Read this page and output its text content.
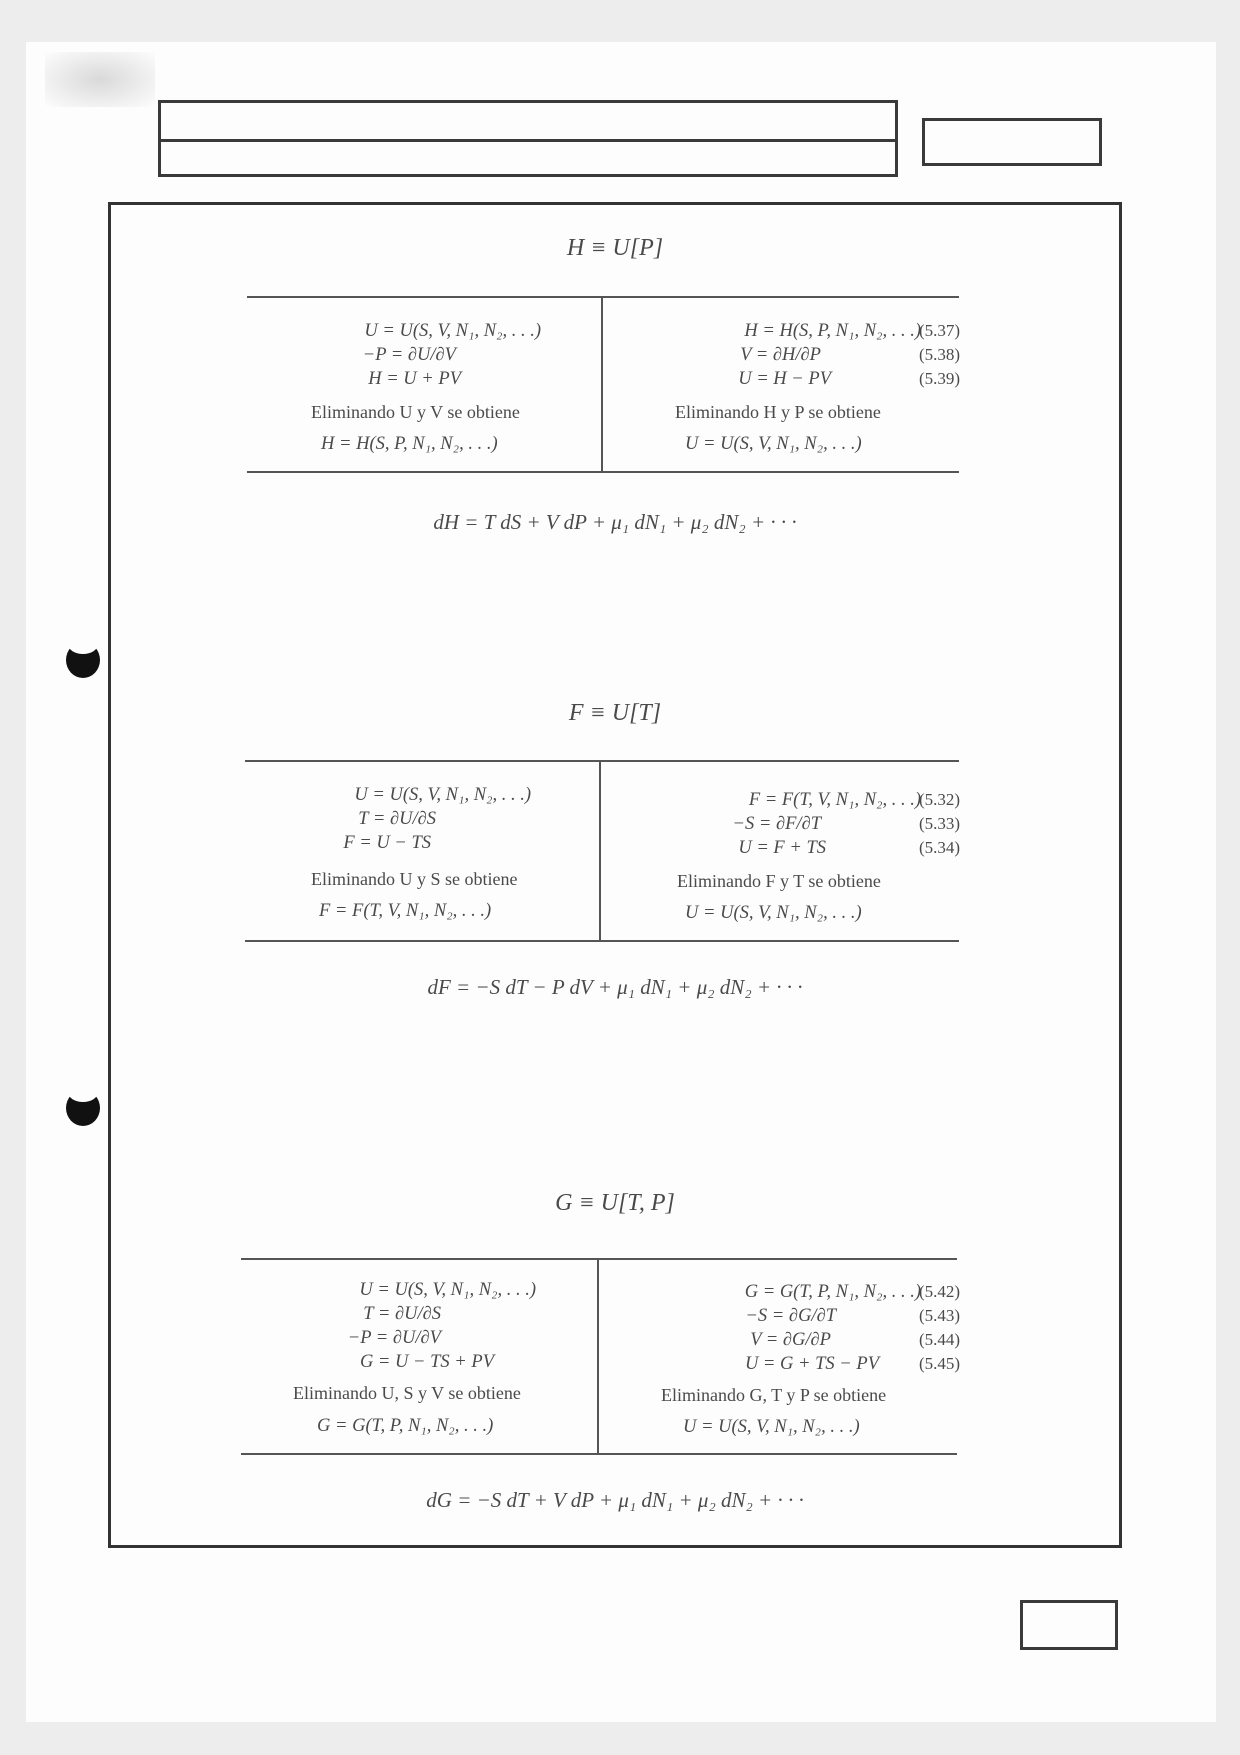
H ≡ U[P]
U = U(S, V, N₁, N₂, . . .)
−P = ∂U/∂V
H = U + PV
Eliminando U y V se obtiene
H = H(S, P, N₁, N₂, . . .)
H = H(S, P, N₁, N₂, . . .)
V = ∂H/∂P
U = H − PV
(5.37)
(5.38)
(5.39)
Eliminando H y P se obtiene
U = U(S, V, N₁, N₂, . . .)
dH = T dS + V dP + μ₁ dN₁ + μ₂ dN₂ + · · ·
F ≡ U[T]
U = U(S, V, N₁, N₂, . . .)
T = ∂U/∂S
F = U − TS
Eliminando U y S se obtiene
F = F(T, V, N₁, N₂, . . .)
F = F(T, V, N₁, N₂, . . .)
−S = ∂F/∂T
U = F + TS
(5.32)
(5.33)
(5.34)
Eliminando F y T se obtiene
U = U(S, V, N₁, N₂, . . .)
dF = −S dT − P dV + μ₁ dN₁ + μ₂ dN₂ + · · ·
G ≡ U[T, P]
U = U(S, V, N₁, N₂, . . .)
T = ∂U/∂S
−P = ∂U/∂V
G = U − TS + PV
Eliminando U, S y V se obtiene
G = G(T, P, N₁, N₂, . . .)
G = G(T, P, N₁, N₂, . . .)
−S = ∂G/∂T
V = ∂G/∂P
U = G + TS − PV
(5.42)
(5.43)
(5.44)
(5.45)
Eliminando G, T y P se obtiene
U = U(S, V, N₁, N₂, . . .)
dG = −S dT + V dP + μ₁ dN₁ + μ₂ dN₂ + · · ·
